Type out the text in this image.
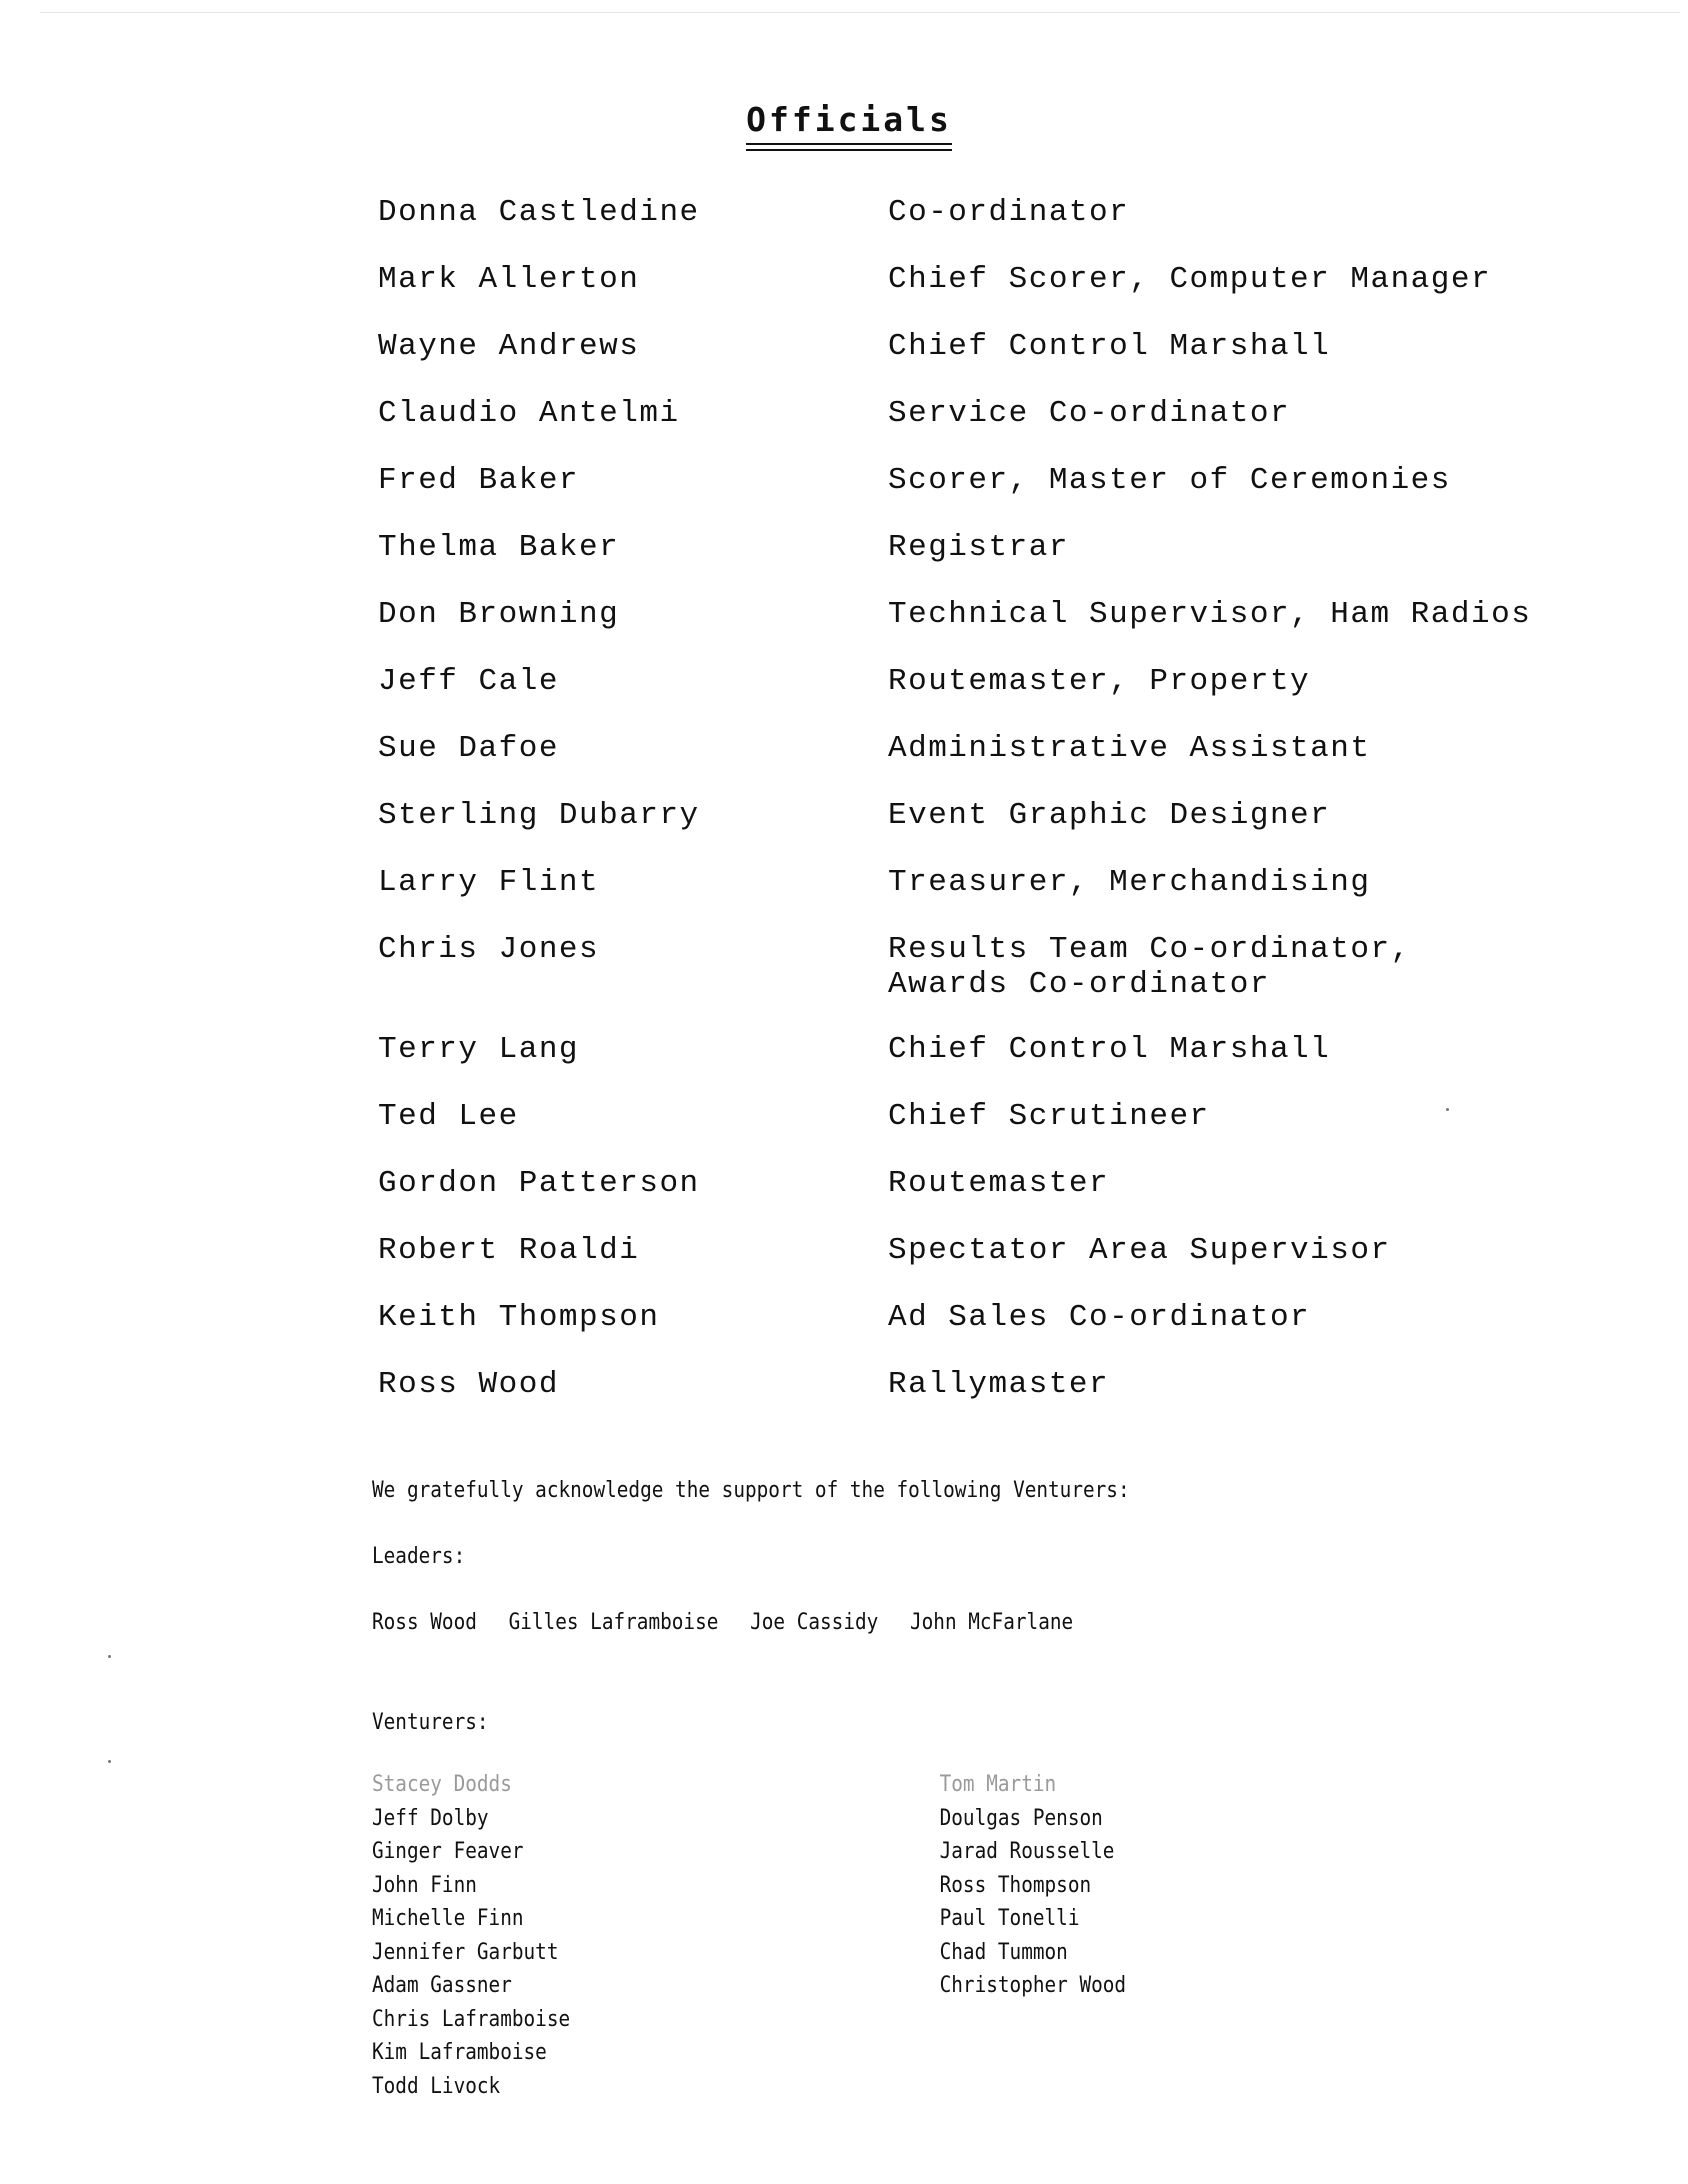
Officials
Donna Castledine	Co-ordinator
Mark Allerton	Chief Scorer, Computer Manager
Wayne Andrews	Chief Control Marshall
Claudio Antelmi	Service Co-ordinator
Fred Baker	Scorer, Master of Ceremonies
Thelma Baker	Registrar
Don Browning	Technical Supervisor, Ham Radios
Jeff Cale	Routemaster, Property
Sue Dafoe	Administrative Assistant
Sterling Dubarry	Event Graphic Designer
Larry Flint	Treasurer, Merchandising
Chris Jones	Results Team Co-ordinator,
Awards Co-ordinator
Terry Lang	Chief Control Marshall
Ted Lee	Chief Scrutineer
Gordon Patterson	Routemaster
Robert Roaldi	Spectator Area Supervisor
Keith Thompson	Ad Sales Co-ordinator
Ross Wood	Rallymaster

We gratefully acknowledge the support of the following Venturers:

Leaders:

Ross Wood Gilles Laframboise Joe Cassidy John McFarlane

Venturers:

Stacey Dodds
Jeff Dolby
Ginger Feaver
John Finn
Michelle Finn
Jennifer Garbutt
Adam Gassner
Chris Laframboise
Kim Laframboise
Todd Livock
Tom Martin
Doulgas Penson
Jarad Rousselle
Ross Thompson
Paul Tonelli
Chad Tummon
Christopher Wood
